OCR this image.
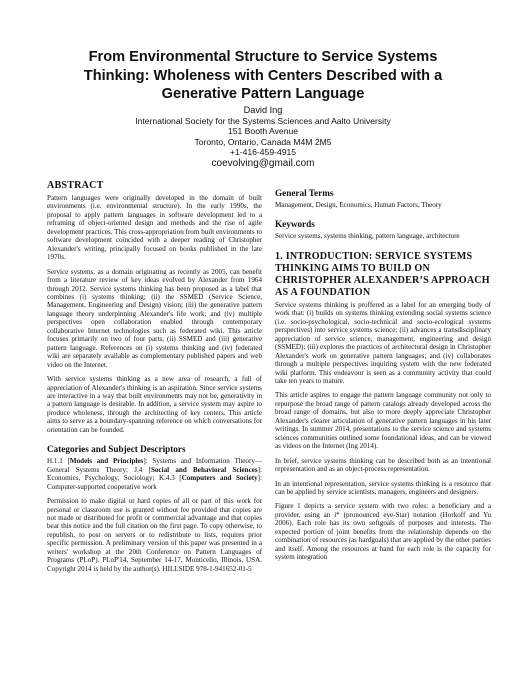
From Environmental Structure to Service Systems
Thinking: Wholeness with Centers Described with a
Generative Pattern Language
David Ing
International Society for the Systems Sciences and Aalto University
151 Booth Avenue
Toronto, Ontario, Canada M4M 2M5
+1-416-459-4915
coevolving@gmail.com
ABSTRACT

Pattern languages were originally developed in the domain of built environments (i.e. environmental structure). In the early 1990s, the proposal to apply pattern languages in software development led to a reframing of object-oriented design and methods and the rise of agile development practices. This cross-appropriation from built environments to software development coincided with a deeper reading of Christopher Alexander's writing, principally focused on books published in the late 1970s.

Service systems, as a domain originating as recently as 2005, can benefit from a literature review of key ideas evolved by Alexander from 1964 through 2012. Service systems thinking has been proposed as a label that combines (i) systems thinking; (ii) the SSMED (Service Science, Management, Engineering and Design) vision; (iii) the generative pattern language theory underpinning Alexander's life work; and (iv) multiple perspectives open collaboration enabled through contemporary collaborative Internet technologies such as federated wiki. This article focuses primarily on two of four parts, (ii) SSMED and (iii) generative pattern language. References on (i) systems thinking and (iv) federated wiki are separately available as complementary published papers and web video on the Internet.

With service systems thinking as a new area of research, a full of appreciation of Alexander's thinking is an aspiration. Since service systems are interactive in a way that built environments may not be, generativity in a pattern language is desirable. In addition, a service system may aspire to produce wholeness, through the architecting of key centers. This article aims to serve as a boundary-spanning reference on which conversations for orientation can be founded.

Categories and Subject Descriptors

H.1.1 [Models and Principles]: Systems and Information Theory—General Systems Theory; J.4 [Social and Behavioral Sciences]: Economics, Psychology, Sociology; K.4.3 [Computers and Society]: Computer-supported cooperative work

Permission to make digital or hard copies of all or part of this work for personal or classroom use is granted without fee provided that copies are not made or distributed for profit or commercial advantage and that copies bear this notice and the full citation on the first page. To copy otherwise, to republish, to post on servers or to redistribute to lists, requires prior specific permission. A preliminary version of this paper was presented in a writers' workshop at the 20th Conference on Pattern Languages of Programs (PLoP). PLoP'14, September 14-17, Monticello, Illinois, USA. Copyright 2014 is held by the author(s). HILLSIDE 978-1-941652-01-5

General Terms

Management, Design, Economics, Human Factors, Theory

Keywords

Service systems, systems thinking, pattern language, architecture

1. INTRODUCTION: SERVICE SYSTEMS THINKING AIMS TO BUILD ON CHRISTOPHER ALEXANDER’S APPROACH AS A FOUNDATION

Service systems thinking is proffered as a label for an emerging body of work that: (i) builds on systems thinking extending social systems science (i.e. socio-psychological, socio-technical and socio-ecological systems perspectives) into service systems science; (ii) advances a transdisciplinary appreciation of service science, management, engineering and design (SSMED); (iii) explores the practices of architectural design in Christopher Alexander's work on generative pattern languages; and (iv) collaborates through a multiple perspectives inquiring system with the new federated wiki platform. This endeavour is seen as a community activity that could take ten years to mature.

This article aspires to engage the pattern language community not only to repurpose the broad range of pattern catalogs already developed across the broad range of domains, but also to more deeply appreciate Christopher Alexander's clearer articulation of generative pattern languages in his later writings. In summer 2014, presentations to the service science and systems sciences communities outlined some foundational ideas, and can be viewed as videos on the Internet (Ing 2014).

In brief, service systems thinking can be described both as an intentional representation and as an object-process representation.

In an intentional representation, service systems thinking is a resource that can be applied by service scientists, managers, engineers and designers.

Figure 1 depicts a service system with two roles: a beneficiary and a provider, using an i* (pronounced eye-Star) notation (Horkoff and Yu 2006). Each role has its own softgoals of purposes and interests. The expected portion of joint benefits from the relationship depends on the combination of resources (as hardgoals) that are applied by the other parties and itself. Among the resources at hand for each role is the capacity for system integration
